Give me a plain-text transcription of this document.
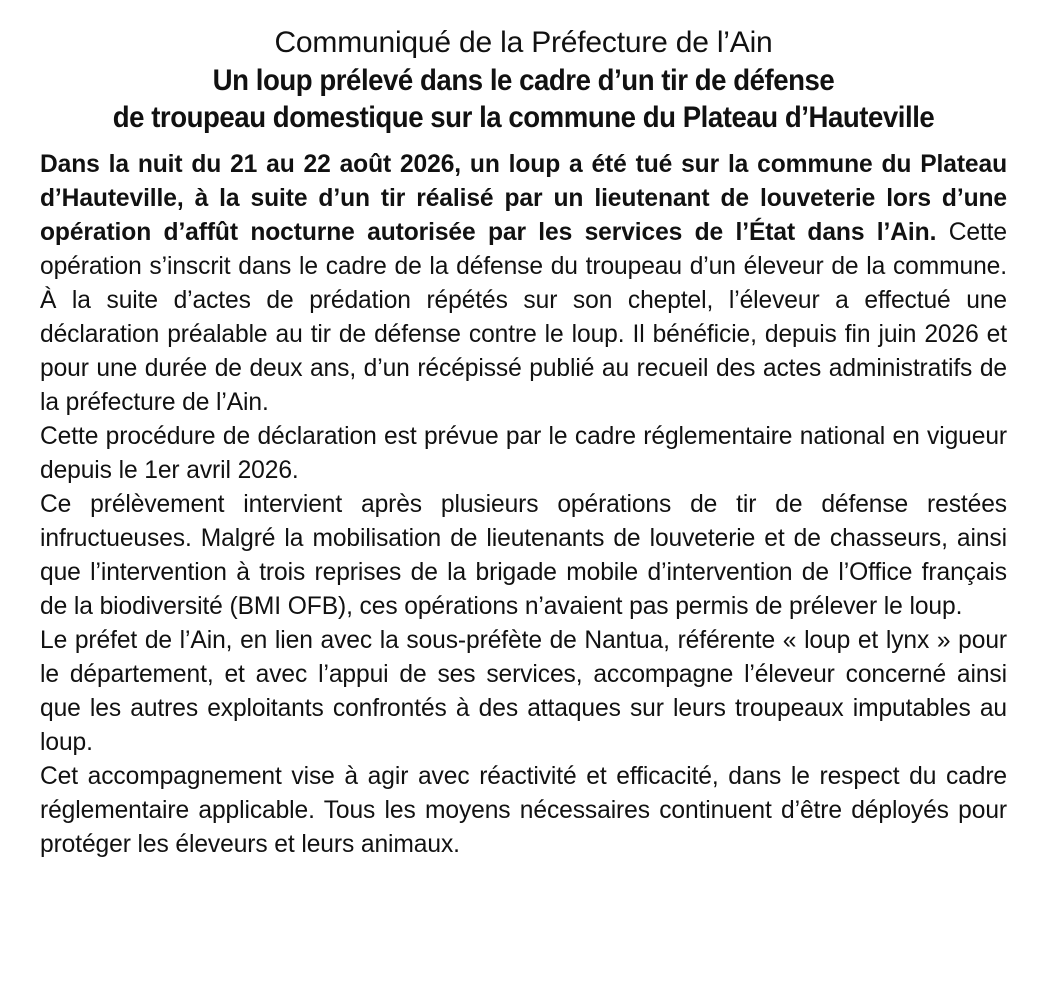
Communiqué de la Préfecture de l’Ain
Un loup prélevé dans le cadre d’un tir de défense
de troupeau domestique sur la commune du Plateau d’Hauteville

Dans la nuit du 21 au 22 août 2026, un loup a été tué sur la commune du Plateau d’Hauteville, à la suite d’un tir réalisé par un lieutenant de louveterie lors d’une opération d’affût nocturne autorisée par les services de l’État dans l’Ain. Cette opération s’inscrit dans le cadre de la défense du troupeau d’un éleveur de la commune. À la suite d’actes de prédation répétés sur son cheptel, l’éleveur a effectué une déclaration préalable au tir de défense contre le loup. Il bénéficie, depuis fin juin 2026 et pour une durée de deux ans, d’un récépissé publié au recueil des actes administratifs de la préfecture de l’Ain.

Cette procédure de déclaration est prévue par le cadre réglementaire national en vigueur depuis le 1er avril 2026.

Ce prélèvement intervient après plusieurs opérations de tir de défense restées infructueuses. Malgré la mobilisation de lieutenants de louveterie et de chasseurs, ainsi que l’intervention à trois reprises de la brigade mobile d’intervention de l’Office français de la biodiversité (BMI OFB), ces opérations n’avaient pas permis de prélever le loup.

Le préfet de l’Ain, en lien avec la sous-préfète de Nantua, référente « loup et lynx » pour le département, et avec l’appui de ses services, accompagne l’éleveur concerné ainsi que les autres exploitants confrontés à des attaques sur leurs troupeaux imputables au loup.

Cet accompagnement vise à agir avec réactivité et efficacité, dans le respect du cadre réglementaire applicable. Tous les moyens nécessaires continuent d’être déployés pour protéger les éleveurs et leurs animaux.
